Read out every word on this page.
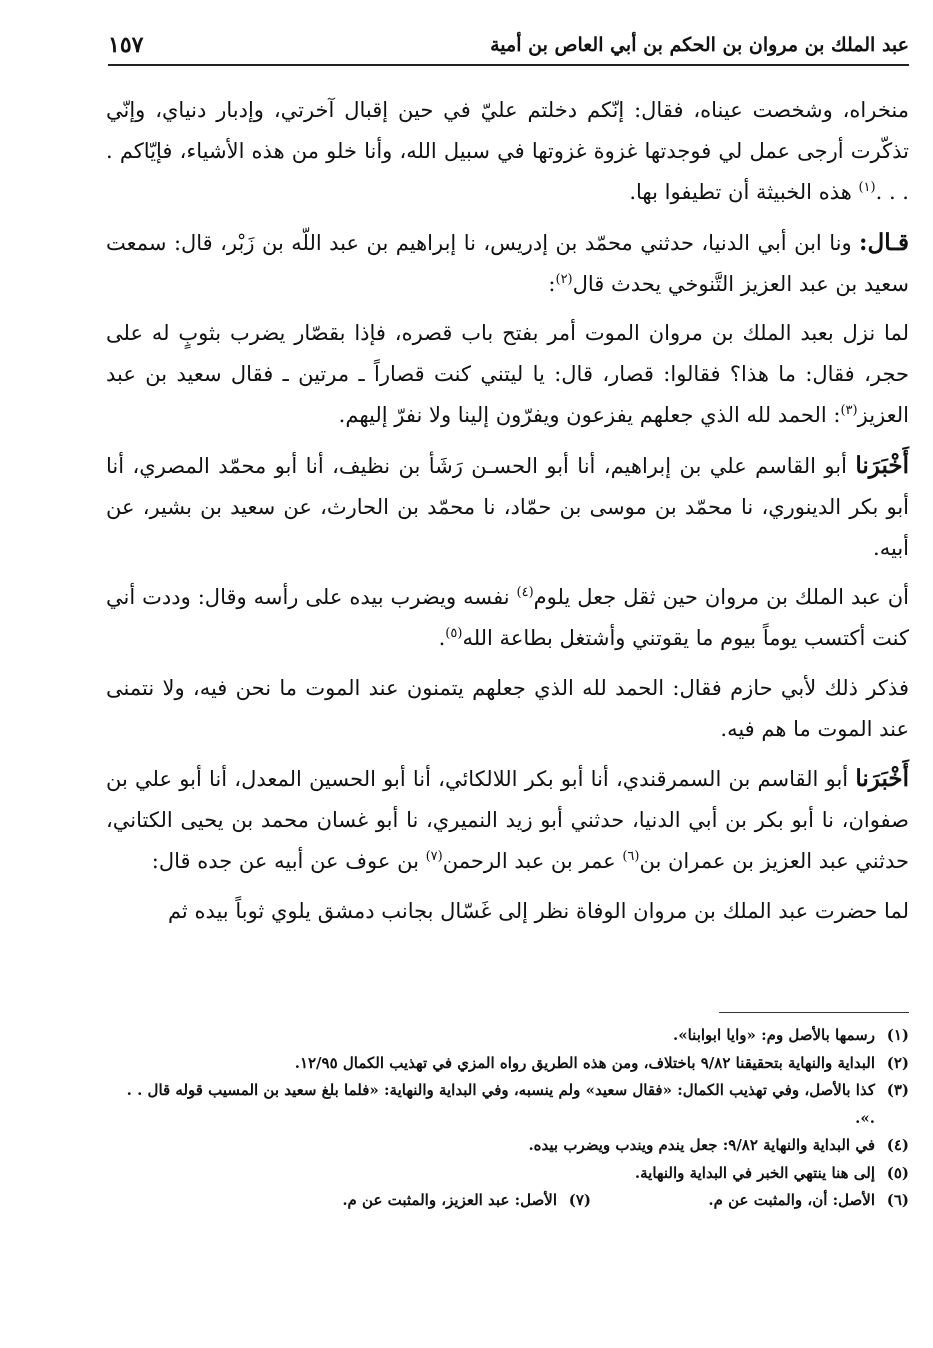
عبد الملك بن مروان بن الحكم بن أبي العاص بن أمية
١٥٧

منخراه، وشخصت عيناه، فقال: إنّكم دخلتم عليّ في حين إقبال آخرتي، وإدبار دنياي، وإنّي تذكّرت أرجى عمل لي فوجدتها غزوة غزوتها في سبيل الله، وأنا خلو من هذه الأشياء، فإيّاكم . . . .$^{(١)}$ هذه الخبيثة أن تطيفوا بها.

قـال: ونا ابن أبي الدنيا، حدثني محمّد بن إدريس، نا إبراهيم بن عبد اللّه بن زَبْر، قال: سمعت سعيد بن عبد العزيز التَّنوخي يحدث قال$^{(٢)}$:

لما نزل بعبد الملك بن مروان الموت أمر بفتح باب قصره، فإذا بقصّار يضرب بثوبٍ له على حجر، فقال: ما هذا؟ فقالوا: قصار، قال: يا ليتني كنت قصاراً ـ مرتين ـ فقال سعيد بن عبد العزيز$^{(٣)}$: الحمد لله الذي جعلهم يفزعون ويفرّون إلينا ولا نفرّ إليهم.

أَخْبَرَنا أبو القاسم علي بن إبراهيم، أنا أبو الحسـن رَشَأ بن نظيف، أنا أبو محمّد المصري، أنا أبو بكر الدينوري، نا محمّد بن موسى بن حمّاد، نا محمّد بن الحارث، عن سعيد بن بشير، عن أبيه.

أن عبد الملك بن مروان حين ثقل جعل يلوم$^{(٤)}$ نفسه ويضرب بيده على رأسه وقال: وددت أني كنت أكتسب يوماً بيوم ما يقوتني وأشتغل بطاعة الله$^{(٥)}$.

فذكر ذلك لأبي حازم فقال: الحمد لله الذي جعلهم يتمنون عند الموت ما نحن فيه، ولا نتمنى عند الموت ما هم فيه.

أَخْبَرَنا أبو القاسم بن السمرقندي، أنا أبو بكر اللالكائي، أنا أبو الحسين المعدل، أنا أبو علي بن صفوان، نا أبو بكر بن أبي الدنيا، حدثني أبو زيد النميري، نا أبو غسان محمد بن يحيى الكتاني، حدثني عبد العزيز بن عمران بن$^{(٦)}$ عمر بن عبد الرحمن$^{(٧)}$ بن عوف عن أبيه عن جده قال:

لما حضرت عبد الملك بن مروان الوفاة نظر إلى غَسّال بجانب دمشق يلوي ثوباً بيده ثم

(١)
رسمها بالأصل وم: «وايا ابوابنا».
(٢)
البداية والنهاية بتحقيقنا ٩/٨٢ باختلاف، ومن هذه الطريق رواه المزي في تهذيب الكمال ١٢/٩٥.
(٣)
كذا بالأصل، وفي تهذيب الكمال: «فقال سعيد» ولم ينسبه، وفي البداية والنهاية: «فلما بلغ سعيد بن المسيب قوله قال . . .».
(٤)
في البداية والنهاية ٩/٨٢: جعل يندم ويندب ويضرب بيده.
(٥)
إلى هنا ينتهي الخبر في البداية والنهاية.
(٦)
الأصل: أن، والمثبت عن م.
(٧)
الأصل: عبد العزيز، والمثبت عن م.
